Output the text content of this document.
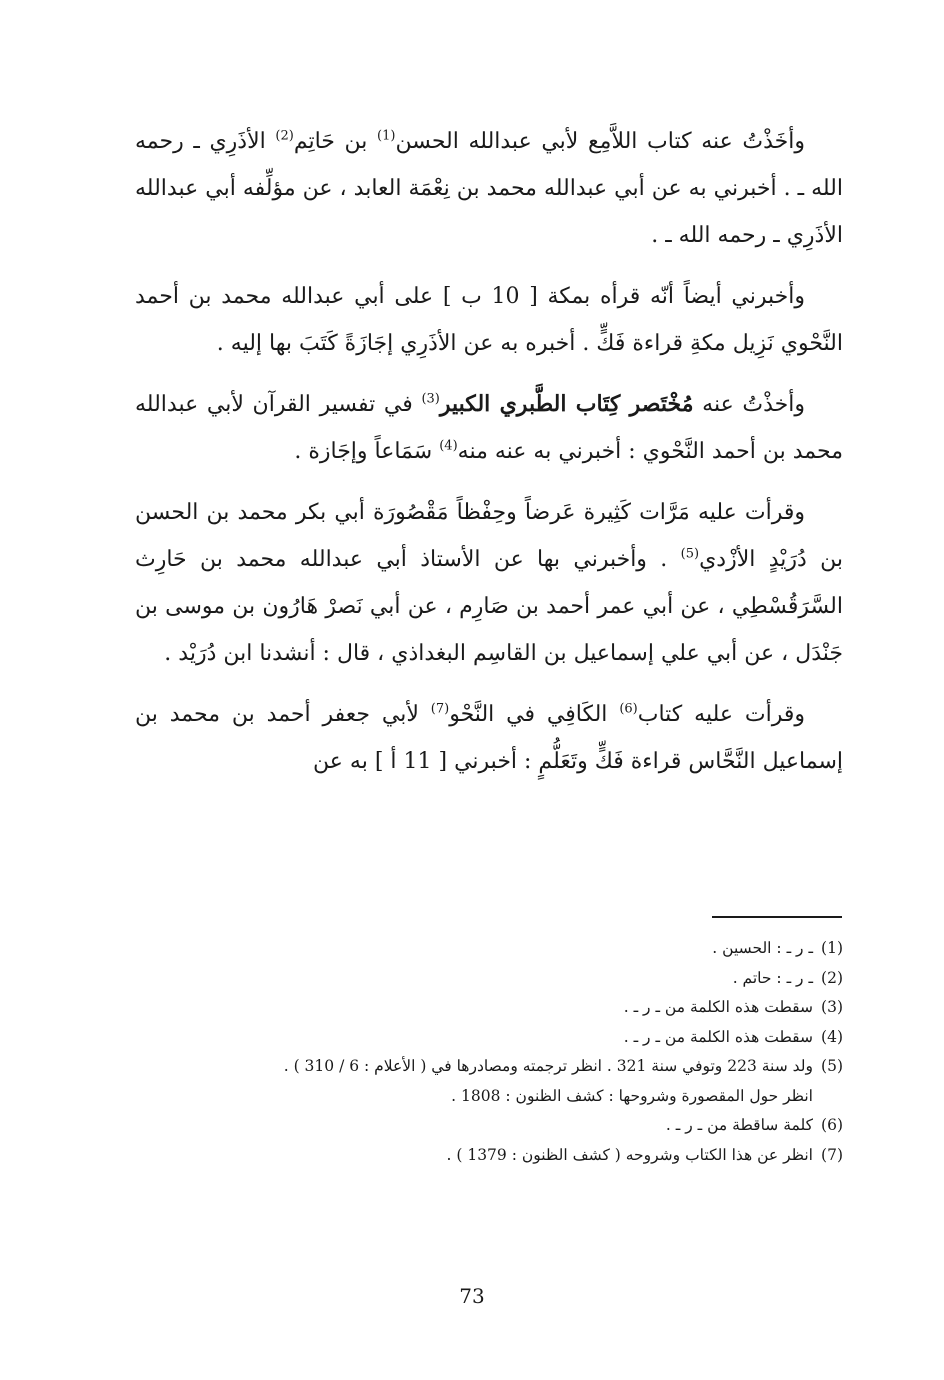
وأخَذْتُ عنه كتاب اللاَّمِع لأبي عبدالله الحسن$^{(1)}$ بن حَاتِم$^{(2)}$ الأذَرِي ـ رحمه الله ـ . أخبرني به عن أبي عبدالله محمد بن نِعْمَة العابد ، عن مؤلِّفه أبي عبدالله الأذَرِي ـ رحمه الله ـ .

وأخبرني أيضاً أنّه قرأه بمكة [ 10 ب ] على أبي عبدالله محمد بن أحمد النَّحْوي نَزِيل مكةِ قراءة فَكٍّ . أخبره به عن الأذَرِي إجَازَةً كَتَبَ بها إليه .

وأخذْتُ عنه مُخْتَصر كِتَاب الطَّبري الكبير$^{(3)}$ في تفسير القرآن لأبي عبدالله محمد بن أحمد النَّحْوي : أخبرني به عنه منه$^{(4)}$ سَمَاعاً وإجَازة .

وقرأت عليه مَرَّات كَثِيرة عَرضاً وحِفْظاً مَقْصُورَة أبي بكر محمد بن الحسن بن دُرَيْدٍ الأزْدي$^{(5)}$ . وأخبرني بها عن الأستاذ أبي عبدالله محمد بن حَارِث السَّرَقُسْطِي ، عن أبي عمر أحمد بن صَارِم ، عن أبي نَصرْ هَارُون بن موسى بن جَنْدَل ، عن أبي علي إسماعيل بن القاسِم البغداذي ، قال : أنشدنا ابن دُرَيْد .

وقرأت عليه كتاب$^{(6)}$ الكَافِي في النَّحْو$^{(7)}$ لأبي جعفر أحمد بن محمد بن إسماعيل النَّحَّاس قراءة فَكٍّ وتَعَلُّمٍ : أخبرني [ 11 أ ] به عن

(1)
ـ ر ـ : الحسين .
(2)
ـ ر ـ : حاتم .
(3)
سقطت هذه الكلمة من ـ ر ـ .
(4)
سقطت هذه الكلمة من ـ ر ـ .
(5)
ولد سنة 223 وتوفي سنة 321 . انظر ترجمته ومصادرها في ( الأعلام : 6 / 310 ) .
انظر حول المقصورة وشروحها : كشف الظنون : 1808 .
(6)
كلمة ساقطة من ـ ر ـ .
(7)
انظر عن هذا الكتاب وشروحه ( كشف الظنون : 1379 ) .
73
